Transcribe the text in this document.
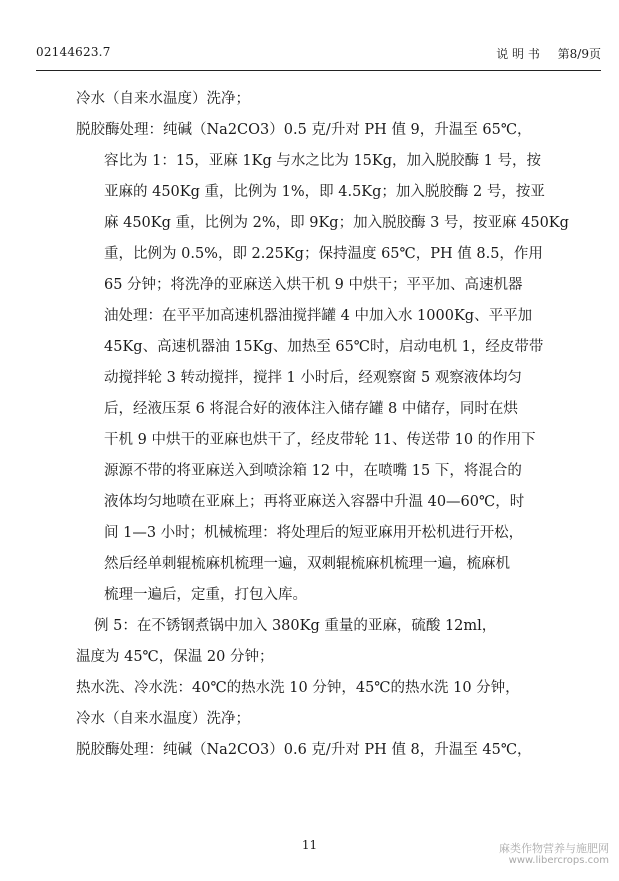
02144623.7	说 明 书 第8/9页
冷水（自来水温度）洗净；
脱胶酶处理：纯碱（Na2CO3）0.5 克/升对 PH 值 9，升温至 65℃，
容比为 1：15，亚麻 1Kg 与水之比为 15Kg，加入脱胶酶 1 号，按
亚麻的 450Kg 重，比例为 1%，即 4.5Kg；加入脱胶酶 2 号，按亚
麻 450Kg 重，比例为 2%，即 9Kg；加入脱胶酶 3 号，按亚麻 450Kg
重，比例为 0.5%，即 2.25Kg；保持温度 65℃，PH 值 8.5，作用
65 分钟；将洗净的亚麻送入烘干机 9 中烘干；平平加、高速机器
油处理：在平平加高速机器油搅拌罐 4 中加入水 1000Kg、平平加
45Kg、高速机器油 15Kg、加热至 65℃时，启动电机 1，经皮带带
动搅拌轮 3 转动搅拌，搅拌 1 小时后，经观察窗 5 观察液体均匀
后，经液压泵 6 将混合好的液体注入储存罐 8 中储存，同时在烘
干机 9 中烘干的亚麻也烘干了，经皮带轮 11、传送带 10 的作用下
源源不带的将亚麻送入到喷涂箱 12 中，在喷嘴 15 下，将混合的
液体均匀地喷在亚麻上；再将亚麻送入容器中升温 40—60℃，时
间 1—3 小时；机械梳理：将处理后的短亚麻用开松机进行开松，
然后经单刺辊梳麻机梳理一遍，双刺辊梳麻机梳理一遍，梳麻机
梳理一遍后，定重，打包入库。
例 5：在不锈钢煮锅中加入 380Kg 重量的亚麻，硫酸 12ml，
温度为 45℃，保温 20 分钟；
热水洗、冷水洗：40℃的热水洗 10 分钟，45℃的热水洗 10 分钟，
冷水（自来水温度）洗净；
脱胶酶处理：纯碱（Na2CO3）0.6 克/升对 PH 值 8，升温至 45℃，
11	麻类作物营养与施肥网
www.libercrops.com
